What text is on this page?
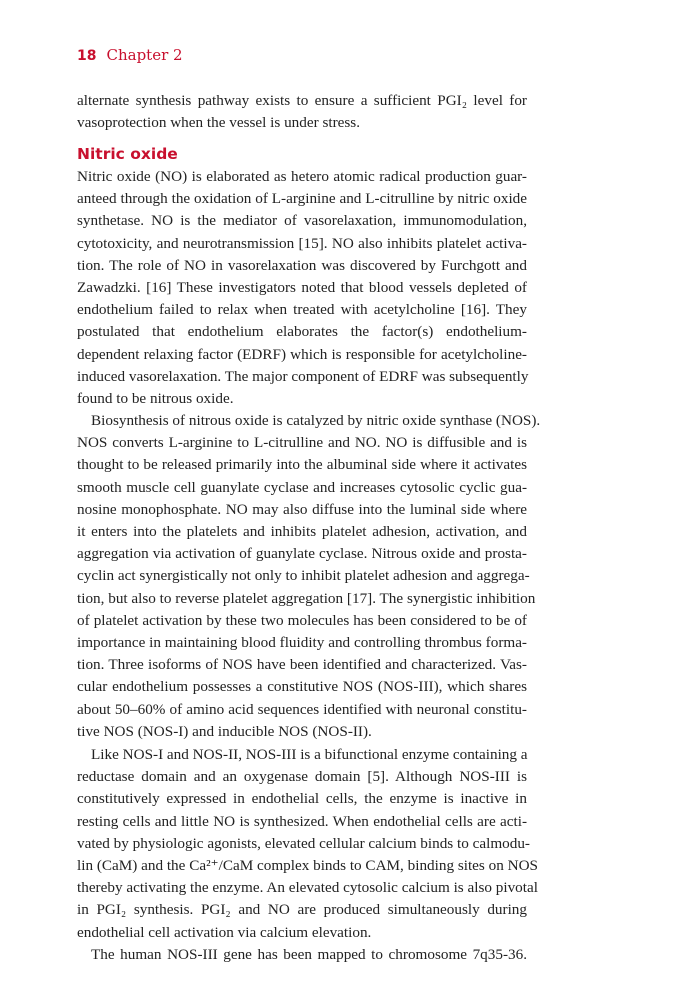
18 Chapter 2
alternate synthesis pathway exists to ensure a sufficient PGI₂ level for
vasoprotection when the vessel is under stress.
Nitric oxide
Nitric oxide (NO) is elaborated as hetero atomic radical production guar-
anteed through the oxidation of L-arginine and L-citrulline by nitric oxide
synthetase. NO is the mediator of vasorelaxation, immunomodulation,
cytotoxicity, and neurotransmission [15]. NO also inhibits platelet activa-
tion. The role of NO in vasorelaxation was discovered by Furchgott and
Zawadzki. [16] These investigators noted that blood vessels depleted of
endothelium failed to relax when treated with acetylcholine [16]. They
postulated that endothelium elaborates the factor(s) endothelium-
dependent relaxing factor (EDRF) which is responsible for acetylcholine-
induced vasorelaxation. The major component of EDRF was subsequently
found to be nitrous oxide.
Biosynthesis of nitrous oxide is catalyzed by nitric oxide synthase (NOS).
NOS converts L-arginine to L-citrulline and NO. NO is diffusible and is
thought to be released primarily into the albuminal side where it activates
smooth muscle cell guanylate cyclase and increases cytosolic cyclic gua-
nosine monophosphate. NO may also diffuse into the luminal side where
it enters into the platelets and inhibits platelet adhesion, activation, and
aggregation via activation of guanylate cyclase. Nitrous oxide and prosta-
cyclin act synergistically not only to inhibit platelet adhesion and aggrega-
tion, but also to reverse platelet aggregation [17]. The synergistic inhibition
of platelet activation by these two molecules has been considered to be of
importance in maintaining blood fluidity and controlling thrombus forma-
tion. Three isoforms of NOS have been identified and characterized. Vas-
cular endothelium possesses a constitutive NOS (NOS-III), which shares
about 50–60% of amino acid sequences identified with neuronal constitu-
tive NOS (NOS-I) and inducible NOS (NOS-II).
Like NOS-I and NOS-II, NOS-III is a bifunctional enzyme containing a
reductase domain and an oxygenase domain [5]. Although NOS-III is
constitutively expressed in endothelial cells, the enzyme is inactive in
resting cells and little NO is synthesized. When endothelial cells are acti-
vated by physiologic agonists, elevated cellular calcium binds to calmodu-
lin (CaM) and the Ca²⁺/CaM complex binds to CAM, binding sites on NOS
thereby activating the enzyme. An elevated cytosolic calcium is also pivotal
in PGI₂ synthesis. PGI₂ and NO are produced simultaneously during
endothelial cell activation via calcium elevation.
The human NOS-III gene has been mapped to chromosome 7q35-36.
